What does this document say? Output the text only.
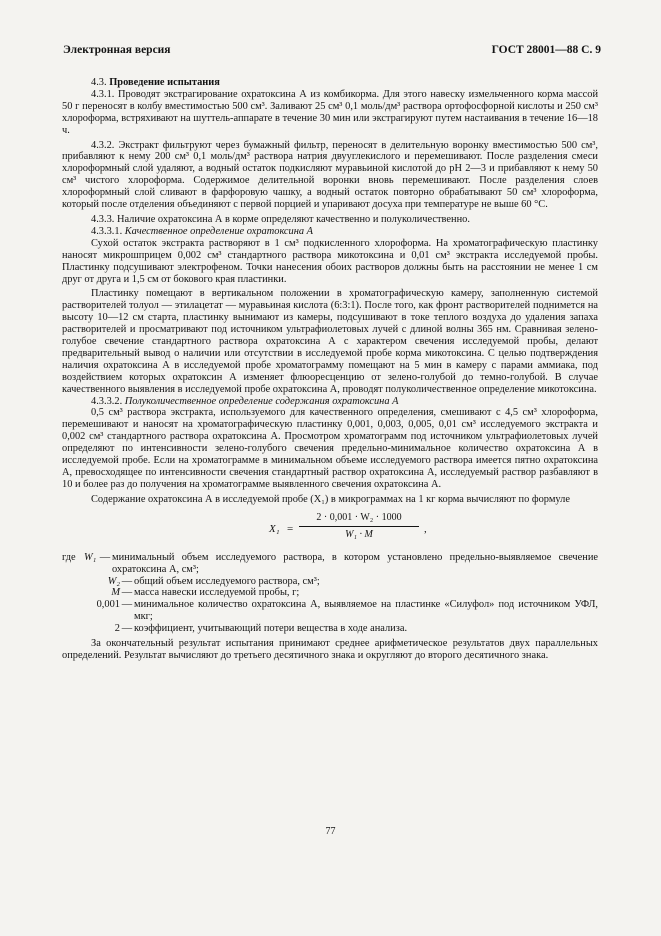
Электронная версия	ГОСТ 28001—88 С. 9

4.3. Проведение испытания

4.3.1. Проводят экстрагирование охратоксина А из комбикорма. Для этого навеску измельченного корма массой 50 г переносят в колбу вместимостью 500 см³. Заливают 25 см³ 0,1 моль/дм³ раствора ортофосфорной кислоты и 250 см³ хлороформа, встряхивают на шуттель-аппарате в течение 30 мин или экстрагируют путем настаивания в течение 16—18 ч.

4.3.2. Экстракт фильтруют через бумажный фильтр, переносят в делительную воронку вместимостью 500 см³, прибавляют к нему 200 см³ 0,1 моль/дм³ раствора натрия двууглекислого и перемешивают. После разделения смеси хлороформный слой удаляют, а водный остаток подкисляют муравьиной кислотой до pH 2—3 и прибавляют к нему 50 см³ чистого хлороформа. Содержимое делительной воронки вновь перемешивают. После разделения слоев хлороформный слой сливают в фарфоровую чашку, а водный остаток повторно обрабатывают 50 см³ хлороформа, который после отделения объединяют с первой порцией и упаривают досуха при температуре не выше 60 °С.

4.3.3. Наличие охратоксина А в корме определяют качественно и полуколичественно.

4.3.3.1. Качественное определение охратоксина А

Сухой остаток экстракта растворяют в 1 см³ подкисленного хлороформа. На хроматографическую пластинку наносят микрошприцем 0,002 см³ стандартного раствора микотоксина и 0,01 см³ экстракта исследуемой пробы. Пластинку подсушивают электрофеном. Точки нанесения обоих растворов должны быть на расстоянии не менее 1 см друг от друга и 1,5 см от бокового края пластинки.

Пластинку помещают в вертикальном положении в хроматографическую камеру, заполненную системой растворителей толуол — этилацетат — муравьиная кислота (6:3:1). После того, как фронт растворителей поднимется на высоту 10—12 см старта, пластинку вынимают из камеры, подсушивают в токе теплого воздуха до удаления запаха растворителей и просматривают под источником ультрафиолетовых лучей с длиной волны 365 нм. Сравнивая зелено-голубое свечение стандартного раствора охратоксина А с характером свечения исследуемой пробы, делают предварительный вывод о наличии или отсутствии в исследуемой пробе корма микотоксина. С целью подтверждения наличия охратоксина А в исследуемой пробе хроматограмму помещают на 5 мин в камеру с парами аммиака, под воздействием которых охратоксин А изменяет флюоресценцию от зелено-голубой до темно-голубой. В случае качественного выявления в исследуемой пробе охратоксина А, проводят полуколичественное определение микотоксина.

4.3.3.2. Полуколичественное определение содержания охратоксина А

0,5 см³ раствора экстракта, используемого для качественного определения, смешивают с 4,5 см³ хлороформа, перемешивают и наносят на хроматографическую пластинку 0,001, 0,003, 0,005, 0,01 см³ исследуемого экстракта и 0,002 см³ стандартного раствора охратоксина А. Просмотром хроматограмм под источником ультрафиолетовых лучей определяют по интенсивности зелено-голубого свечения предельно-минимальное количество охратоксина А в исследуемой пробе. Если на хроматограмме в минимальном объеме исследуемого раствора имеется пятно охратоксина А, превосходящее по интенсивности свечения стандартный раствор охратоксина А, исследуемый раствор разбавляют в 10 и более раз до получения на хроматограмме выявленного свечения охратоксина А.

Содержание охратоксина А в исследуемой пробе (X₁) в микрограммах на 1 кг корма вычисляют по формуле

$X_1 = \frac{\text{2 · 0,001 · W₂ · 1000}}{\text{W₁ · M}}$ ,
где W₁ — минимальный объем исследуемого раствора, в котором установлено предельно-выявляемое свечение охратоксина А, см³;
W₂ — общий объем исследуемого раствора, см³;
M — масса навески исследуемой пробы, г;
0,001 — минимальное количество охратоксина А, выявляемое на пластинке «Силуфол» под источником УФЛ, мкг;
2 — коэффициент, учитывающий потери вещества в ходе анализа.

За окончательный результат испытания принимают среднее арифметическое результатов двух параллельных определений. Результат вычисляют до третьего десятичного знака и округляют до второго десятичного знака.

77
